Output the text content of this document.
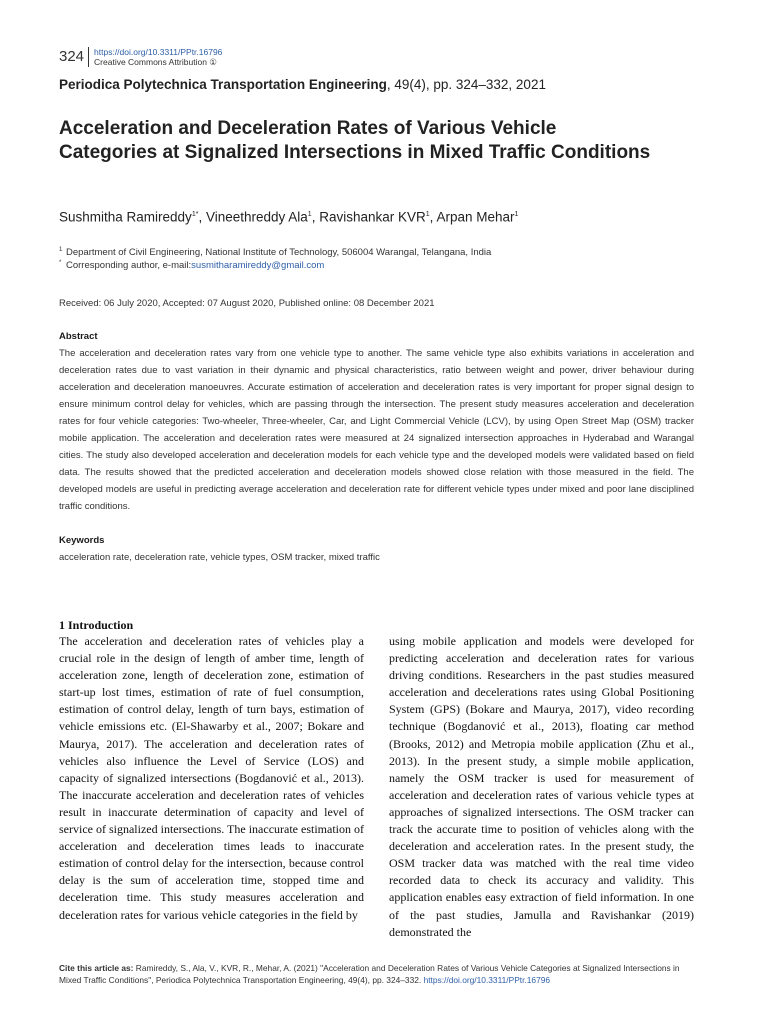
324 https://doi.org/10.3311/PPtr.16796
Creative Commons Attribution ①
Periodica Polytechnica Transportation Engineering, 49(4), pp. 324–332, 2021
Acceleration and Deceleration Rates of Various Vehicle Categories at Signalized Intersections in Mixed Traffic Conditions
Sushmitha Ramireddy$^{1*}$, Vineethreddy Ala$^1$, Ravishankar KVR$^1$, Arpan Mehar$^1$
1 Department of Civil Engineering, National Institute of Technology, 506004 Warangal, Telangana, India
* Corresponding author, e-mail: susmitharamireddy@gmail.com
Received: 06 July 2020, Accepted: 07 August 2020, Published online: 08 December 2021
Abstract

The acceleration and deceleration rates vary from one vehicle type to another. The same vehicle type also exhibits variations in acceleration and deceleration rates due to vast variation in their dynamic and physical characteristics, ratio between weight and power, driver behaviour during acceleration and deceleration manoeuvres. Accurate estimation of acceleration and deceleration rates is very important for proper signal design to ensure minimum control delay for vehicles, which are passing through the intersection. The present study measures acceleration and deceleration rates for four vehicle categories: Two-wheeler, Three-wheeler, Car, and Light Commercial Vehicle (LCV), by using Open Street Map (OSM) tracker mobile application. The acceleration and deceleration rates were measured at 24 signalized intersection approaches in Hyderabad and Warangal cities. The study also developed acceleration and deceleration models for each vehicle type and the developed models were validated based on field data. The results showed that the predicted acceleration and deceleration models showed close relation with those measured in the field. The developed models are useful in predicting average acceleration and deceleration rate for different vehicle types under mixed and poor lane disciplined traffic conditions.

Keywords
acceleration rate, deceleration rate, vehicle types, OSM tracker, mixed traffic
1 Introduction

The acceleration and deceleration rates of vehicles play a crucial role in the design of length of amber time, length of acceleration zone, length of deceleration zone, estimation of start-up lost times, estimation of rate of fuel consumption, estimation of control delay, length of turn bays, estimation of vehicle emissions etc. (El-Shawarby et al., 2007; Bokare and Maurya, 2017). The acceleration and deceleration rates of vehicles also influence the Level of Service (LOS) and capacity of signalized intersections (Bogdanović et al., 2013). The inaccurate acceleration and deceleration rates of vehicles result in inaccurate determination of capacity and level of service of signalized intersections. The inaccurate estimation of acceleration and deceleration times leads to inaccurate estimation of control delay for the intersection, because control delay is the sum of acceleration time, stopped time and deceleration time. This study measures acceleration and deceleration rates for various vehicle categories in the field by

using mobile application and models were developed for predicting acceleration and deceleration rates for various driving conditions. Researchers in the past studies measured acceleration and decelerations rates using Global Positioning System (GPS) (Bokare and Maurya, 2017), video recording technique (Bogdanović et al., 2013), floating car method (Brooks, 2012) and Metropia mobile application (Zhu et al., 2013). In the present study, a simple mobile application, namely the OSM tracker is used for measurement of acceleration and deceleration rates of various vehicle types at approaches of signalized intersections. The OSM tracker can track the accurate time to position of vehicles along with the deceleration and acceleration rates. In the present study, the OSM tracker data was matched with the real time video recorded data to check its accuracy and validity. This application enables easy extraction of field information. In one of the past studies, Jamulla and Ravishankar (2019) demonstrated the

Cite this article as: Ramireddy, S., Ala, V., KVR, R., Mehar, A. (2021) "Acceleration and Deceleration Rates of Various Vehicle Categories at Signalized Intersections in Mixed Traffic Conditions", Periodica Polytechnica Transportation Engineering, 49(4), pp. 324–332. https://doi.org/10.3311/PPtr.16796
